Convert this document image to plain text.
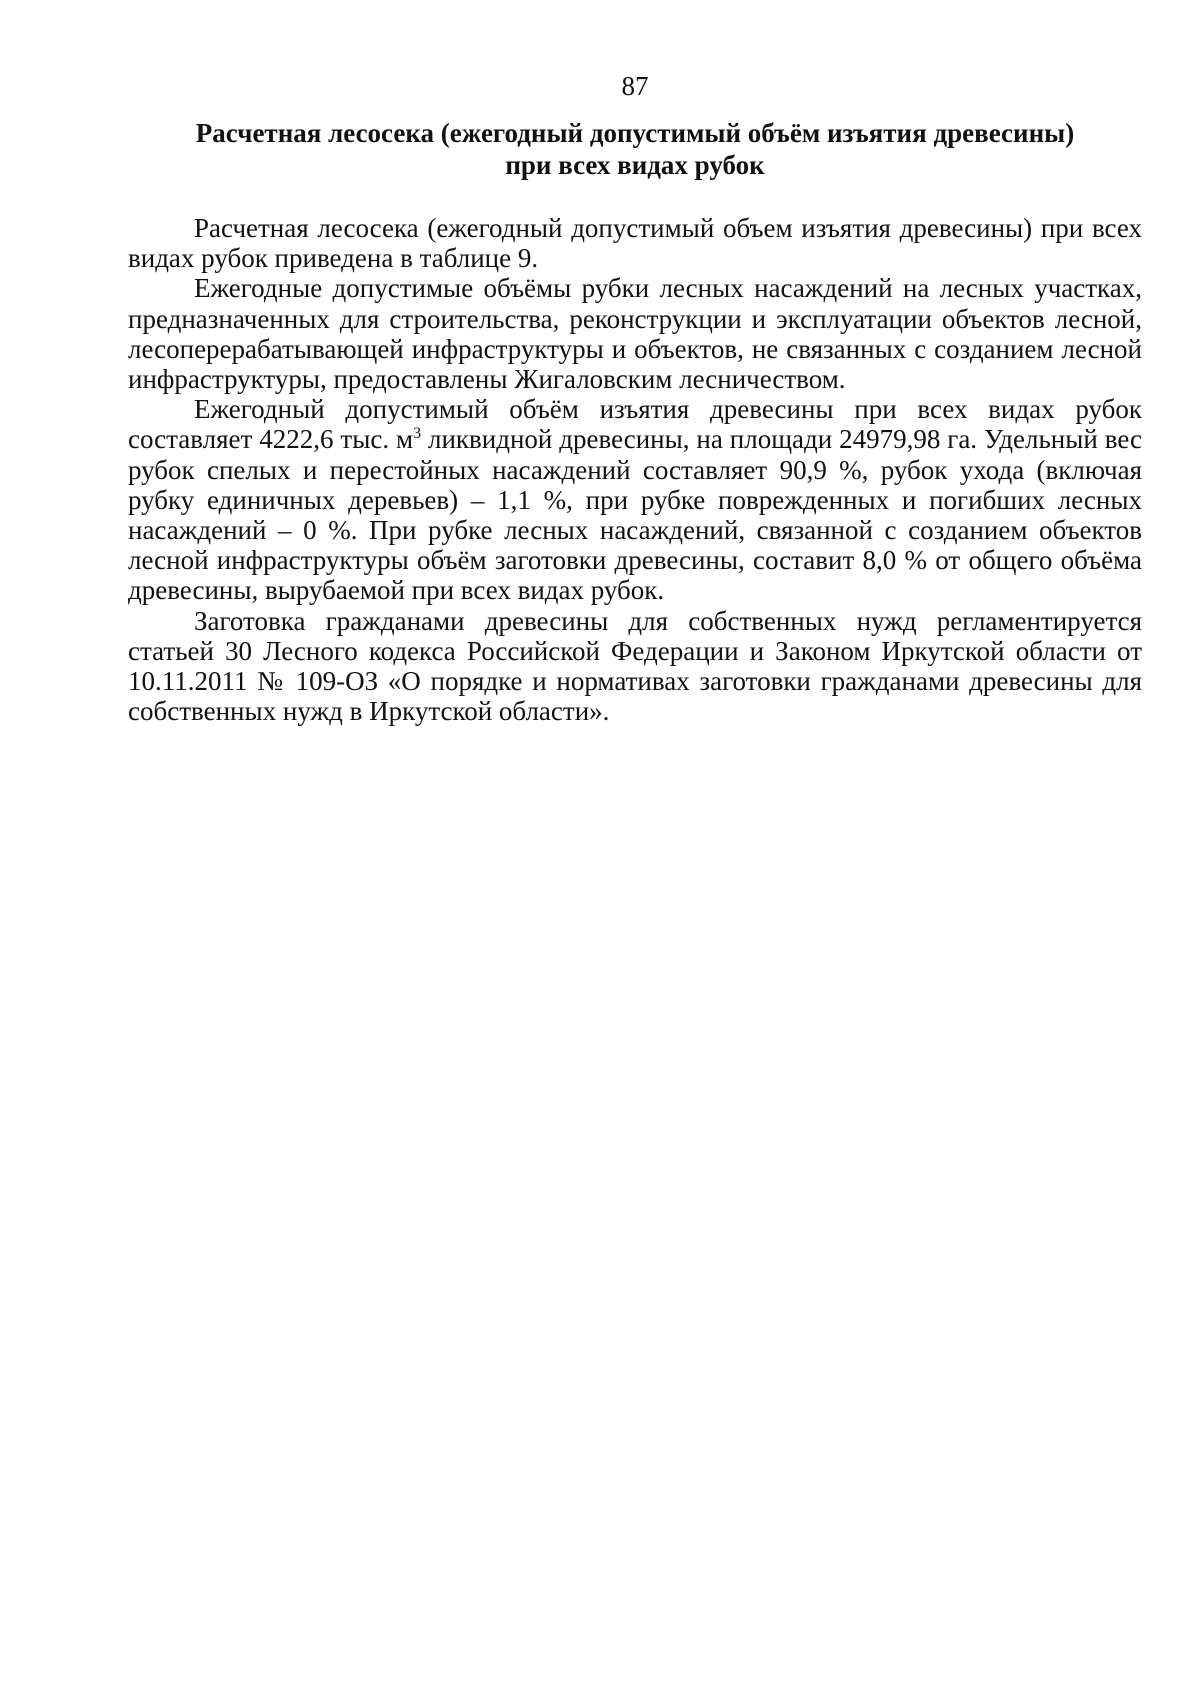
87
Расчетная лесосека (ежегодный допустимый объём изъятия древесины)
при всех видах рубок

Расчетная лесосека (ежегодный допустимый объем изъятия древесины) при всех видах рубок приведена в таблице 9.

Ежегодные допустимые объёмы рубки лесных насаждений на лесных участках, предназначенных для строительства, реконструкции и эксплуатации объектов лесной, лесоперерабатывающей инфраструктуры и объектов, не связанных с созданием лесной инфраструктуры, предоставлены Жигаловским лесничеством.

Ежегодный допустимый объём изъятия древесины при всех видах рубок составляет 4222,6 тыс. $м^3$ ликвидной древесины, на площади 24979,98 га. Удельный вес рубок спелых и перестойных насаждений составляет 90,9 %, рубок ухода (включая рубку единичных деревьев) – 1,1 %, при рубке поврежденных и погибших лесных насаждений – 0 %. При рубке лесных насаждений, связанной с созданием объектов лесной инфраструктуры объём заготовки древесины, составит 8,0 % от общего объёма древесины, вырубаемой при всех видах рубок.

Заготовка гражданами древесины для собственных нужд регламентируется статьей 30 Лесного кодекса Российской Федерации и Законом Иркутской области от 10.11.2011 № 109-ОЗ «О порядке и нормативах заготовки гражданами древесины для собственных нужд в Иркутской области».
